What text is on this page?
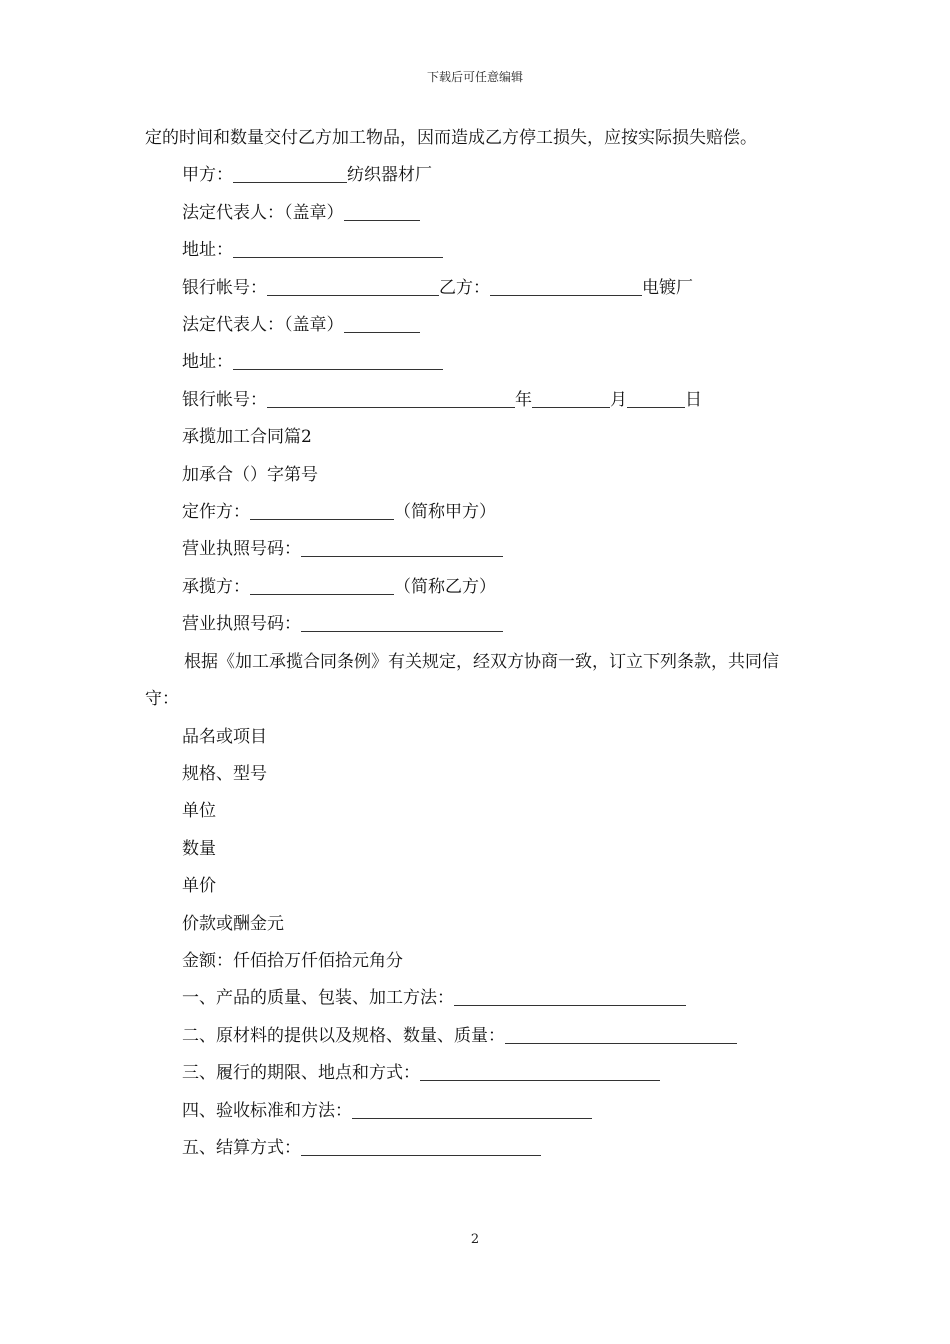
下载后可任意编辑

定的时间和数量交付乙方加工物品，因而造成乙方停工损失，应按实际损失赔偿。

甲方：	纺织器材厂

法定代表人：（盖章）

地址：

银行帐号：	乙方：	电镀厂

法定代表人：（盖章）

地址：

银行帐号：	年	月	日

承揽加工合同篇2

加承合（）字第号

定作方：	（简称甲方）

营业执照号码：

承揽方：	（简称乙方）

营业执照号码：

根据《加工承揽合同条例》有关规定，经双方协商一致，订立下列条款，共同信守：

品名或项目

规格、型号

单位

数量

单价

价款或酬金元

金额：仟佰拾万仟佰拾元角分

一、产品的质量、包装、加工方法：

二、原材料的提供以及规格、数量、质量：

三、履行的期限、地点和方式：

四、验收标准和方法：

五、结算方式：

2
